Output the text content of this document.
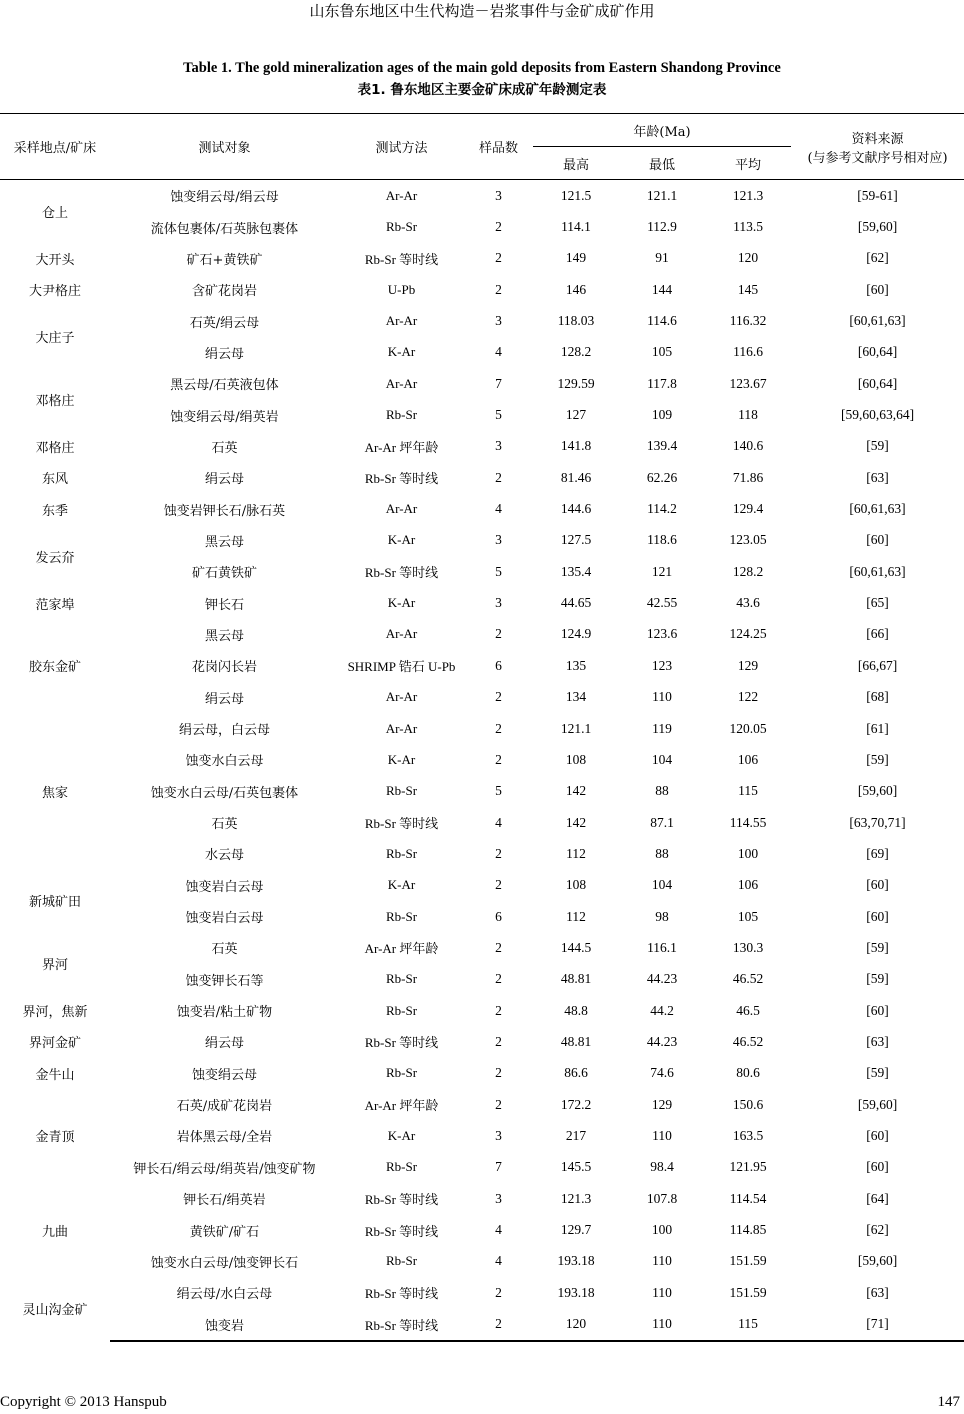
山东鲁东地区中生代构造－岩浆事件与金矿成矿作用
Table 1. The gold mineralization ages of the main gold deposits from Eastern Shandong Province
表1. 鲁东地区主要金矿床成矿年龄测定表
采样地点/矿床	测试对象	测试方法	样品数	年龄(Ma)			资料来源
(与参考文献序号相对应)

				最高	最低	平均	
仓上	蚀变绢云母/绢云母	Ar-Ar	3	121.5	121.1	121.3	[59-61]
	流体包裹体/石英脉包裹体	Rb-Sr	2	114.1	112.9	113.5	[59,60]
大开头	矿石+黄铁矿	Rb-Sr 等时线	2	149	91	120	[62]
大尹格庄	含矿花岗岩	U-Pb	2	146	144	145	[60]
大庄子	石英/绢云母	Ar-Ar	3	118.03	114.6	116.32	[60,61,63]
	绢云母	K-Ar	4	128.2	105	116.6	[60,64]
邓格庄	黑云母/石英液包体	Ar-Ar	7	129.59	117.8	123.67	[60,64]
	蚀变绢云母/绢英岩	Rb-Sr	5	127	109	118	[59,60,63,64]
邓格庄	石英	Ar-Ar 坪年龄	3	141.8	139.4	140.6	[59]
东风	绢云母	Rb-Sr 等时线	2	81.46	62.26	71.86	[63]
东季	蚀变岩钾长石/脉石英	Ar-Ar	4	144.6	114.2	129.4	[60,61,63]
发云夼	黑云母	K-Ar	3	127.5	118.6	123.05	[60]
	矿石黄铁矿	Rb-Sr 等时线	5	135.4	121	128.2	[60,61,63]
范家埠	钾长石	K-Ar	3	44.65	42.55	43.6	[65]
胶东金矿	黑云母	Ar-Ar	2	124.9	123.6	124.25	[66]
	花岗闪长岩	SHRIMP 锆石 U-Pb	6	135	123	129	[66,67]
	绢云母	Ar-Ar	2	134	110	122	[68]
焦家	绢云母，白云母	Ar-Ar	2	121.1	119	120.05	[61]
	蚀变水白云母	K-Ar	2	108	104	106	[59]
	蚀变水白云母/石英包裹体	Rb-Sr	5	142	88	115	[59,60]
	石英	Rb-Sr 等时线	4	142	87.1	114.55	[63,70,71]
	水云母	Rb-Sr	2	112	88	100	[69]
新城矿田	蚀变岩白云母	K-Ar	2	108	104	106	[60]
	蚀变岩白云母	Rb-Sr	6	112	98	105	[60]
界河	石英	Ar-Ar 坪年龄	2	144.5	116.1	130.3	[59]
	蚀变钾长石等	Rb-Sr	2	48.81	44.23	46.52	[59]
界河，焦新	蚀变岩/粘土矿物	Rb-Sr	2	48.8	44.2	46.5	[60]
界河金矿	绢云母	Rb-Sr 等时线	2	48.81	44.23	46.52	[63]
金牛山	蚀变绢云母	Rb-Sr	2	86.6	74.6	80.6	[59]
金青顶	石英/成矿花岗岩	Ar-Ar 坪年龄	2	172.2	129	150.6	[59,60]
	岩体黑云母/全岩	K-Ar	3	217	110	163.5	[60]
	钾长石/绢云母/绢英岩/蚀变矿物	Rb-Sr	7	145.5	98.4	121.95	[60]
九曲	钾长石/绢英岩	Rb-Sr 等时线	3	121.3	107.8	114.54	[64]
	黄铁矿/矿石	Rb-Sr 等时线	4	129.7	100	114.85	[62]
	蚀变水白云母/蚀变钾长石	Rb-Sr	4	193.18	110	151.59	[59,60]
灵山沟金矿	绢云母/水白云母	Rb-Sr 等时线	2	193.18	110	151.59	[63]
	蚀变岩	Rb-Sr 等时线	2	120	110	115	[71]
Copyright © 2013 Hanspub	147
